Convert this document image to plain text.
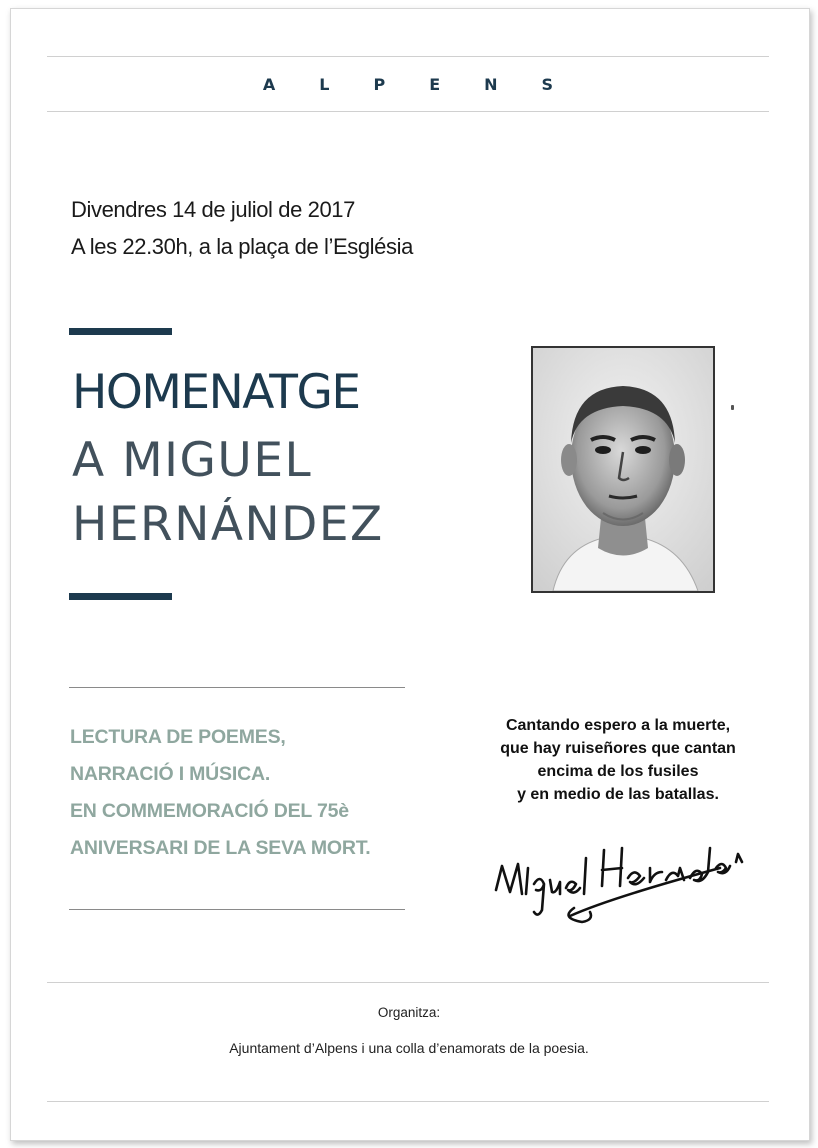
ALPENS
Divendres 14 de juliol de 2017
A les 22.30h, a la plaça de l’Església
HOMENATGE
A MIGUEL
HERNÁNDEZ
LECTURA DE POEMES,
NARRACIÓ I MÚSICA.
EN COMMEMORACIÓ DEL 75è
ANIVERSARI DE LA SEVA MORT.
Cantando espero a la muerte,
que hay ruiseñores que cantan
encima de los fusiles
y en medio de las batallas.
Organitza:
Ajuntament d’Alpens i una colla d’enamorats de la poesia.
